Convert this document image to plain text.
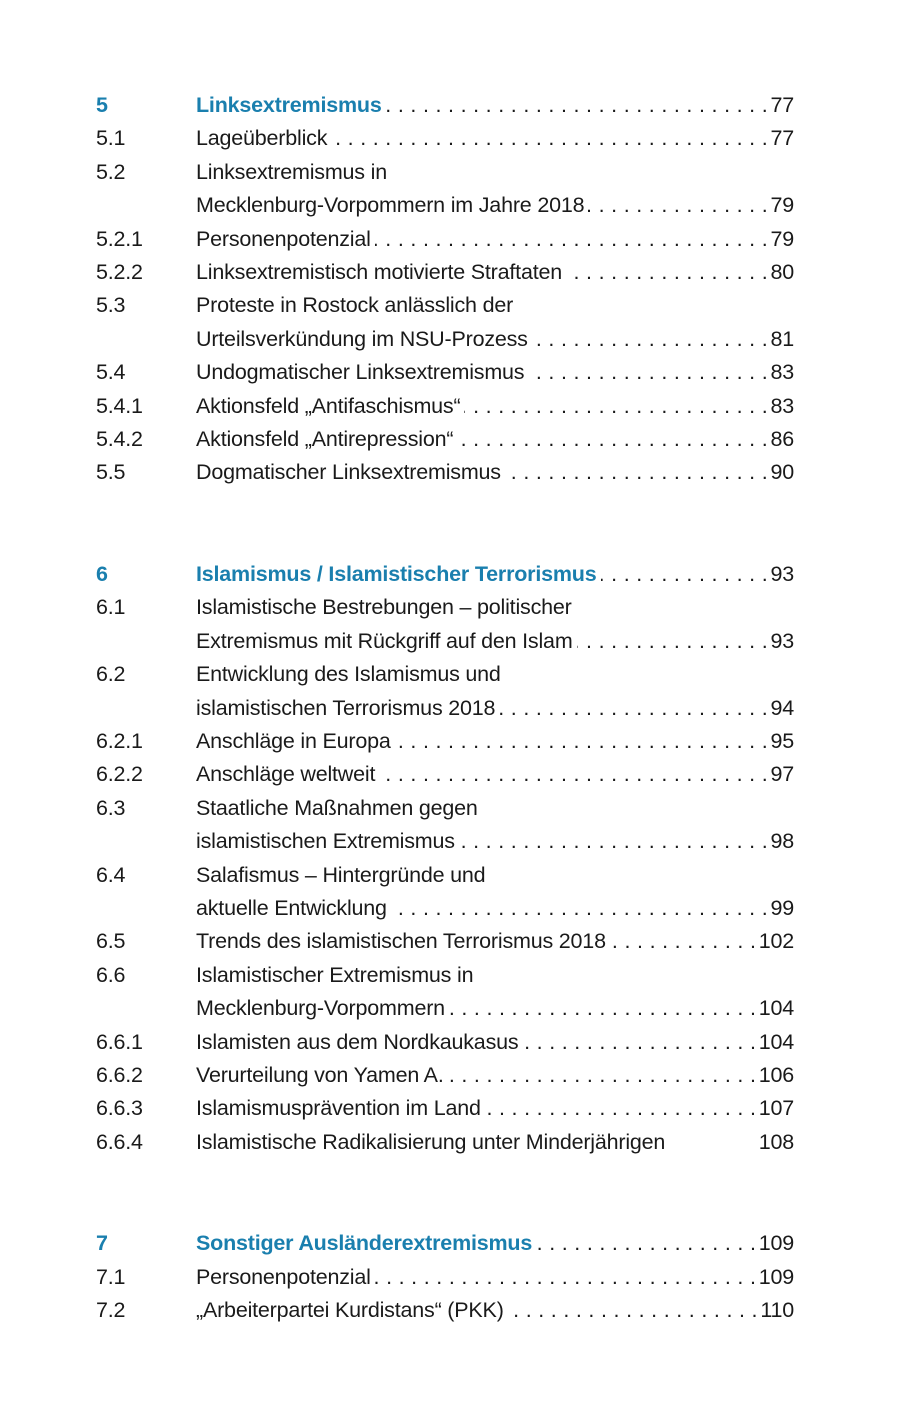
5	Linksextremismus . . .	77
5.1	Lageüberblick . . .	77
5.2	Linksextremismus in
Mecklenburg-Vorpommern im Jahre 2018 . . .	79
5.2.1	Personenpotenzial . . .	79
5.2.2	Linksextremistisch motivierte Straftaten . . .	80
5.3	Proteste in Rostock anlässlich der
Urteilsverkündung im NSU-Prozess . . .	81
5.4	Undogmatischer Linksextremismus . . .	83
5.4.1	Aktionsfeld „Antifaschismus“ . . .	83
5.4.2	Aktionsfeld „Antirepression“ . . .	86
5.5	Dogmatischer Linksextremismus . . .	90
6	Islamismus / Islamistischer Terrorismus . . .	93
6.1	Islamistische Bestrebungen – politischer
Extremismus mit Rückgriff auf den Islam . . .	93
6.2	Entwicklung des Islamismus und
islamistischen Terrorismus 2018 . . .	94
6.2.1	Anschläge in Europa . . .	95
6.2.2	Anschläge weltweit . . .	97
6.3	Staatliche Maßnahmen gegen
islamistischen Extremismus . . .	98
6.4	Salafismus – Hintergründe und
aktuelle Entwicklung . . .	99
6.5	Trends des islamistischen Terrorismus 2018 . . .	102
6.6	Islamistischer Extremismus in
Mecklenburg-Vorpommern . . .	104
6.6.1	Islamisten aus dem Nordkaukasus . . .	104
6.6.2	Verurteilung von Yamen A. . . .	106
6.6.3	Islamismusprävention im Land . . .	107
6.6.4	Islamistische Radikalisierung unter Minderjährigen	108
7	Sonstiger Ausländerextremismus . . .	109
7.1	Personenpotenzial . . .	109
7.2	„Arbeiterpartei Kurdistans“ (PKK) . . .	110
